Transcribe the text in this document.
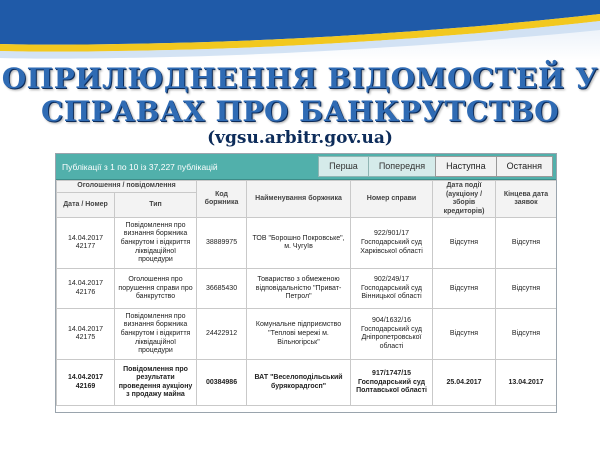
ОПРИЛЮДНЕННЯ ВІДОМОСТЕЙ У
СПРАВАХ ПРО БАНКРУТСТВО
(vgsu.arbitr.gov.ua)
Публікації з 1 по 10 із 37,227 публікацій	Перша	Попередня	Наступна	Остання
Оголошення / повідомлення		Код боржника	Найменування боржника	Номер справи	Дата події (аукціону / зборів кредиторів)	Кінцева дата заявок
Дата / Номер	Тип					
14.04.2017
42177	Повідомлення про визнання боржника банкрутом і відкриття ліквідаційної процедури	38889975	ТОВ "Борошно Покровське", м. Чугуїв	922/901/17 Господарський суд Харківської області	Відсутня	Відсутня
14.04.2017
42176	Оголошення про порушення справи про банкрутство	36685430	Товариство з обмеженою відповідальністю "Приват-Петрол"	902/249/17 Господарський суд Вінницької області	Відсутня	Відсутня
14.04.2017
42175	Повідомлення про визнання боржника банкрутом і відкриття ліквідаційної процедури	24422912	Комунальне підприємство "Теплові мережі м. Вільногірськ"	904/1632/16 Господарський суд Дніпропетровської області	Відсутня	Відсутня
14.04.2017
42169	Повідомлення про результати проведення аукціону з продажу майна	00384986	ВАТ "Веселоподільський бурякорадгосп"	917/1747/15 Господарський суд Полтавської області	25.04.2017	13.04.2017
